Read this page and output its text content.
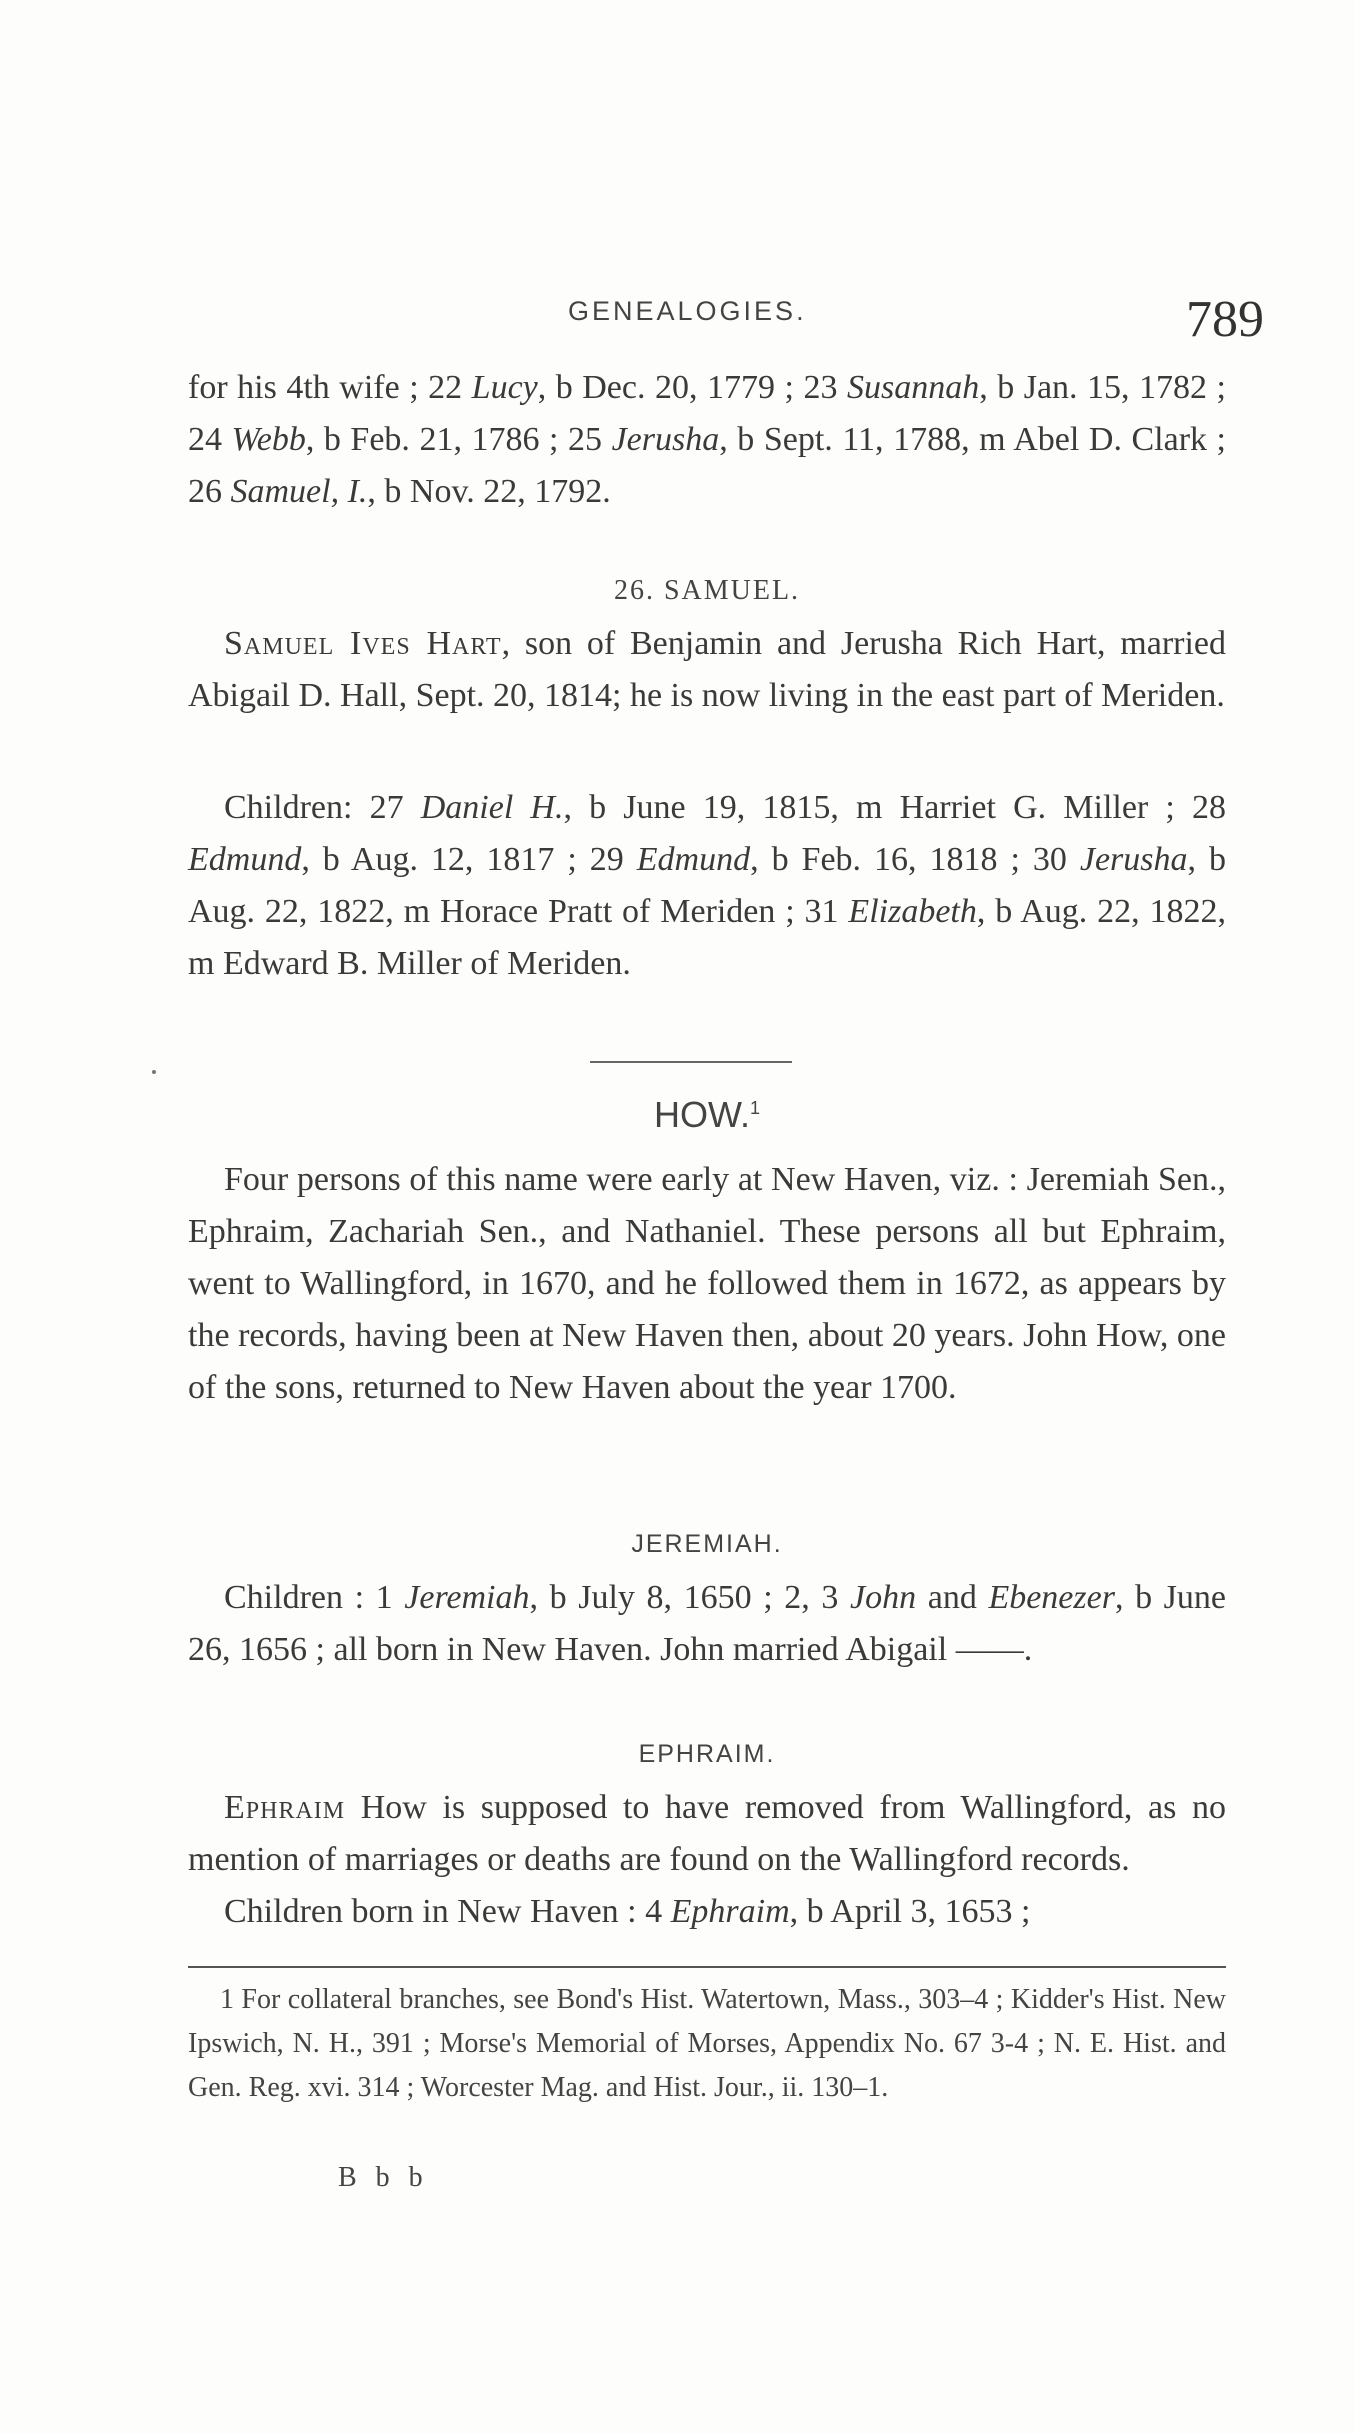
GENEALOGIES.	789

for his 4th wife ; 22 Lucy, b Dec. 20, 1779 ; 23 Susannah, b Jan. 15, 1782 ; 24 Webb, b Feb. 21, 1786 ; 25 Jerusha, b Sept. 11, 1788, m Abel D. Clark ; 26 Samuel, I., b Nov. 22, 1792.

26. SAMUEL.

Samuel Ives Hart, son of Benjamin and Jerusha Rich Hart, married Abigail D. Hall, Sept. 20, 1814; he is now living in the east part of Meriden.

Children: 27 Daniel H., b June 19, 1815, m Harriet G. Miller ; 28 Edmund, b Aug. 12, 1817 ; 29 Edmund, b Feb. 16, 1818 ; 30 Jerusha, b Aug. 22, 1822, m Horace Pratt of Meriden ; 31 Elizabeth, b Aug. 22, 1822, m Edward B. Miller of Meriden.

HOW.$^1$

Four persons of this name were early at New Haven, viz. : Jeremiah Sen., Ephraim, Zachariah Sen., and Nathaniel. These persons all but Ephraim, went to Wallingford, in 1670, and he followed them in 1672, as appears by the records, having been at New Haven then, about 20 years. John How, one of the sons, returned to New Haven about the year 1700.

JEREMIAH.

Children : 1 Jeremiah, b July 8, 1650 ; 2, 3 John and Ebenezer, b June 26, 1656 ; all born in New Haven. John married Abigail ——.

EPHRAIM.

Ephraim How is supposed to have removed from Wallingford, as no mention of marriages or deaths are found on the Wallingford records.

Children born in New Haven : 4 Ephraim, b April 3, 1653 ;

1 For collateral branches, see Bond's Hist. Watertown, Mass., 303–4 ; Kidder's Hist. New Ipswich, N. H., 391 ; Morse's Memorial of Morses, Appendix No. 67 3-4 ; N. E. Hist. and Gen. Reg. xvi. 314 ; Worcester Mag. and Hist. Jour., ii. 130–1.
B b b
